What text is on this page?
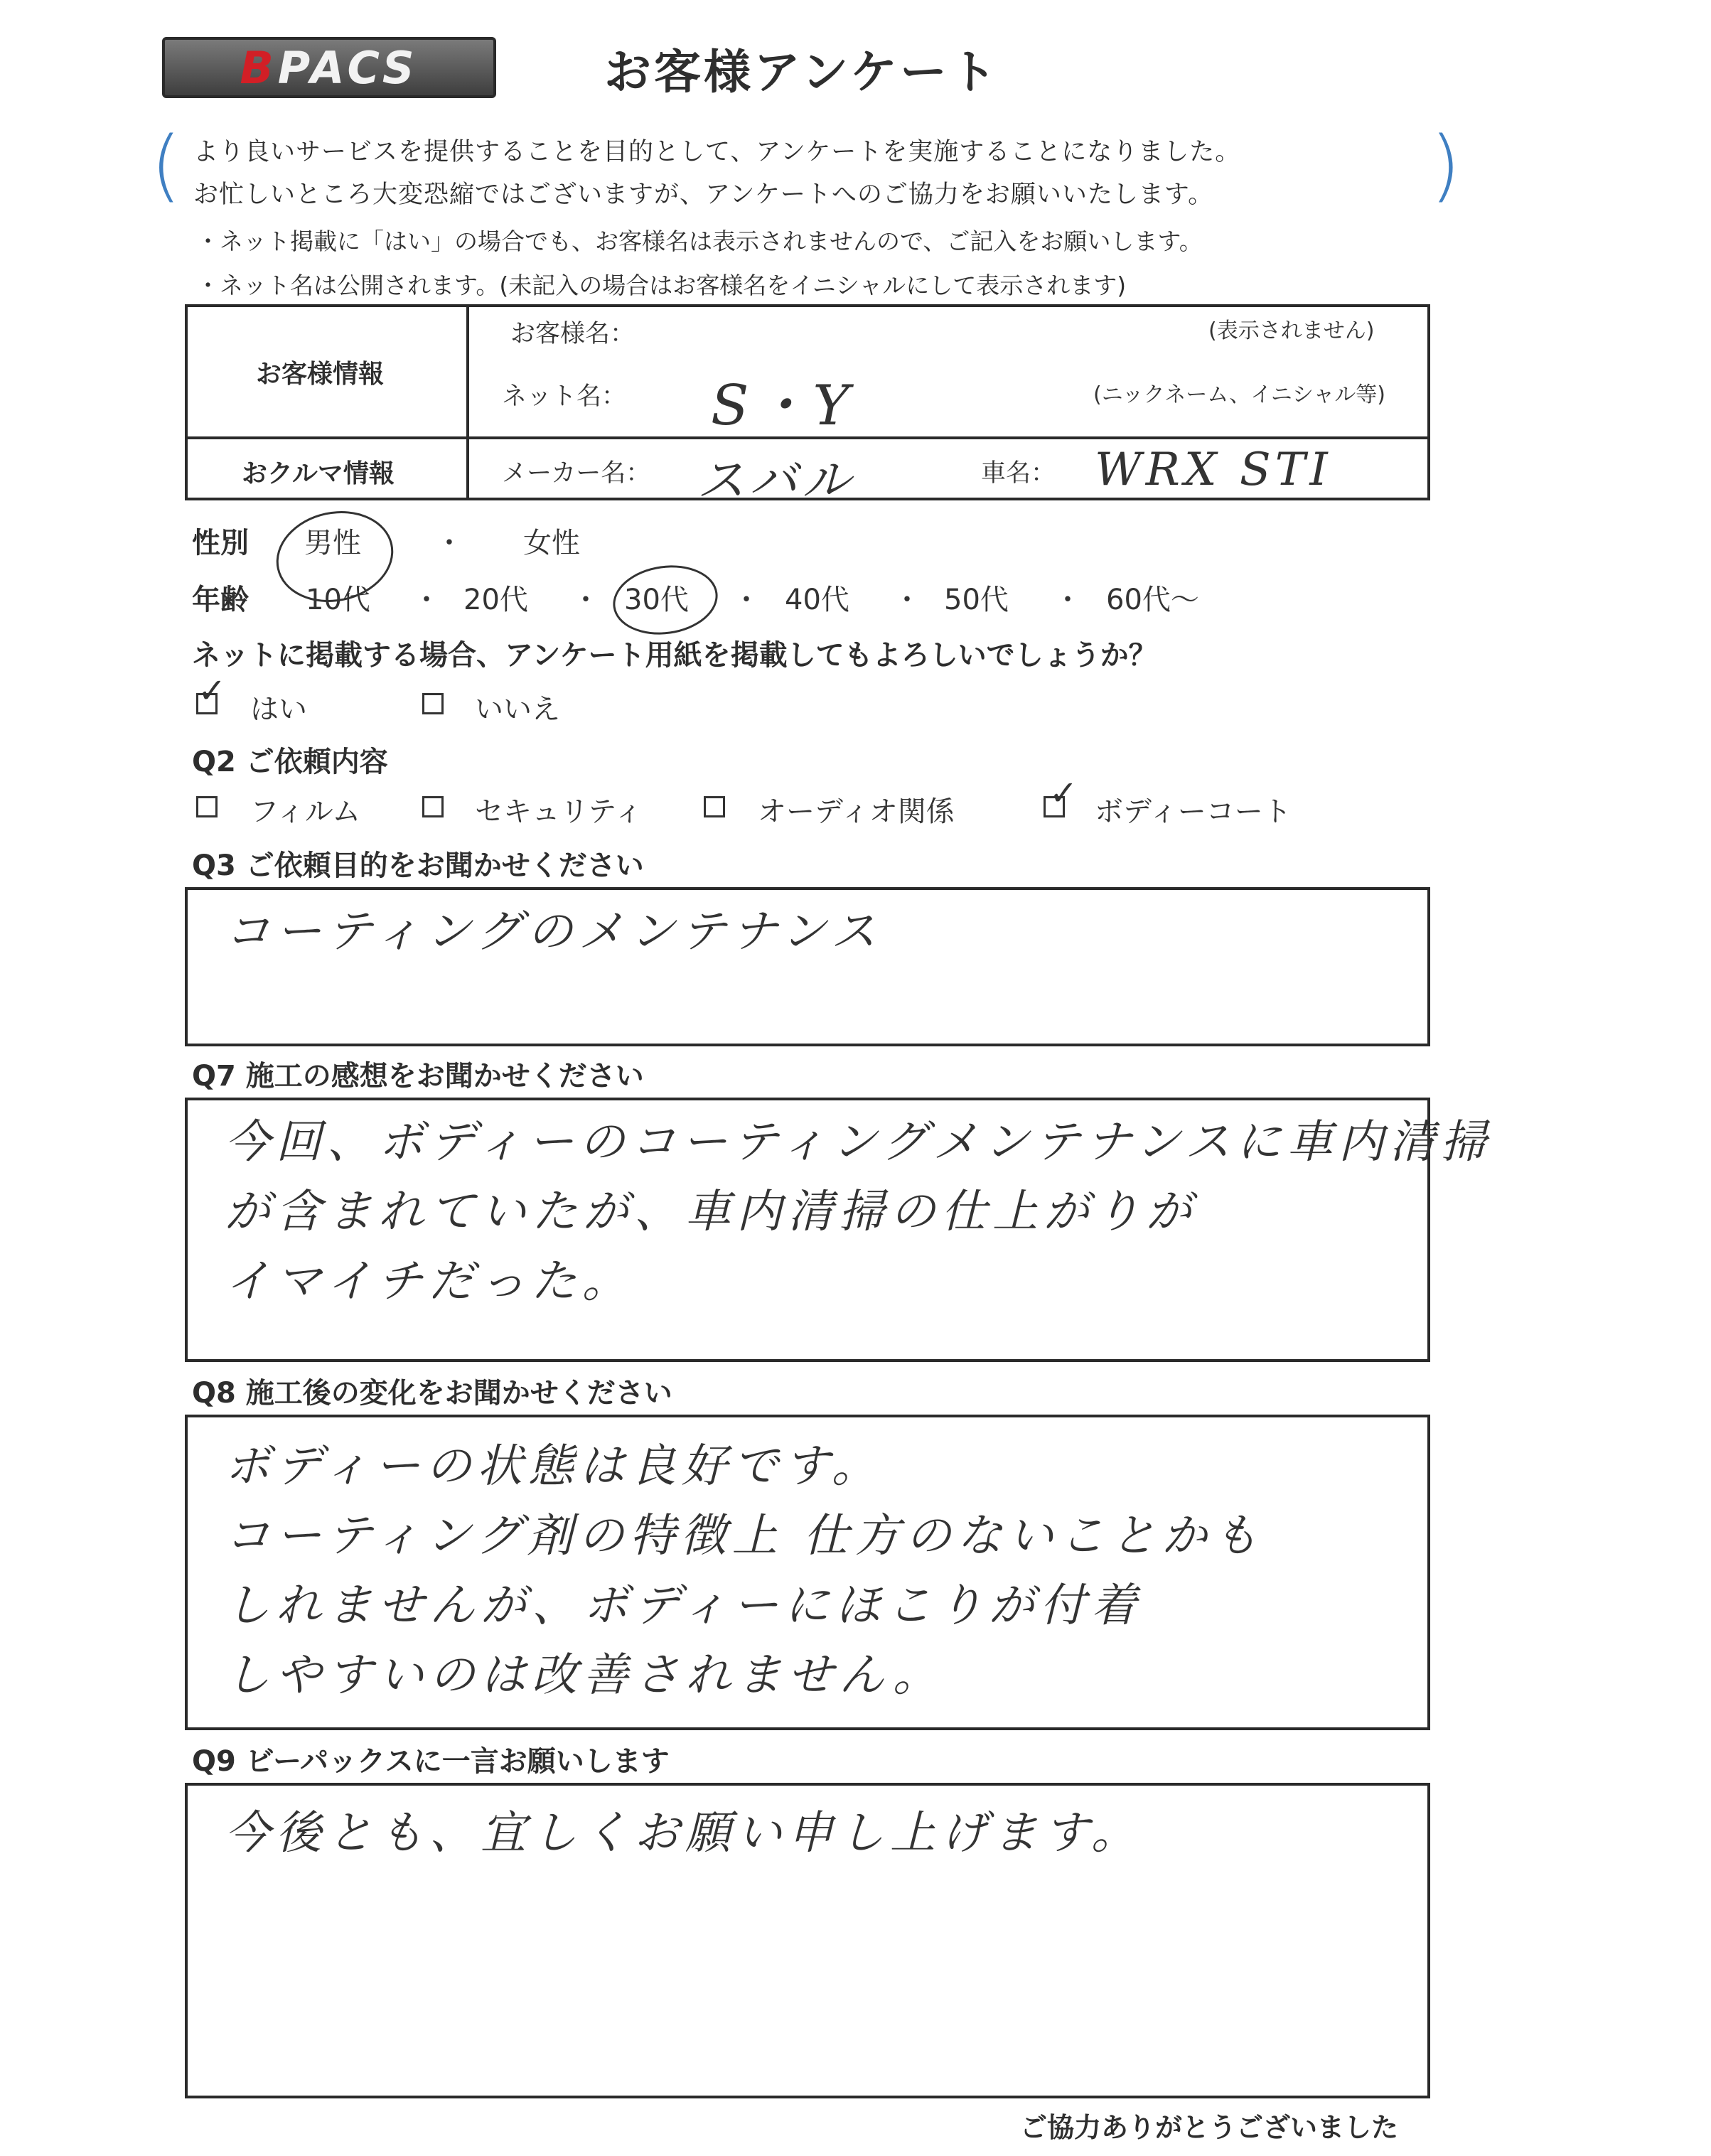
BPACS	お客様アンケート
(	)
より良いサービスを提供することを目的として、アンケートを実施することになりました。
お忙しいところ大変恐縮ではございますが、アンケートへのご協力をお願いいたします。
・ネット掲載に「はい」の場合でも、お客様名は表示されませんので、ご記入をお願いします。
・ネット名は公開されます。(未記入の場合はお客様名をイニシャルにして表示されます)
お客様情報
お客様名：	(表示されません)
ネット名： S・Y	(ニックネーム、イニシャル等)
おクルマ情報	メーカー名： スバル	車名： WRX STI
性別 男性	・ 女性
年齢 10代 ・ 20代 ・ 30代 ・ 40代 ・ 50代 ・ 60代〜
ネットに掲載する場合、アンケート用紙を掲載してもよろしいでしょうか？
✓ はい	いいえ
Q2 ご依頼内容
フィルム	セキュリティ	オーディオ関係	✓ ボディーコート
Q3 ご依頼目的をお聞かせください
コーティングのメンテナンス
Q7 施工の感想をお聞かせください
今回、ボディーのコーティングメンテナンスに車内清掃
が含まれていたが、車内清掃の仕上がりが
イマイチだった。
Q8 施工後の変化をお聞かせください
ボディーの状態は良好です。
コーティング剤の特徴上 仕方のないことかも
しれませんが、ボディーにほこりが付着
しやすいのは改善されません。
Q9 ビーパックスに一言お願いします
今後とも、宜しくお願い申し上げます。
ご協力ありがとうございました
